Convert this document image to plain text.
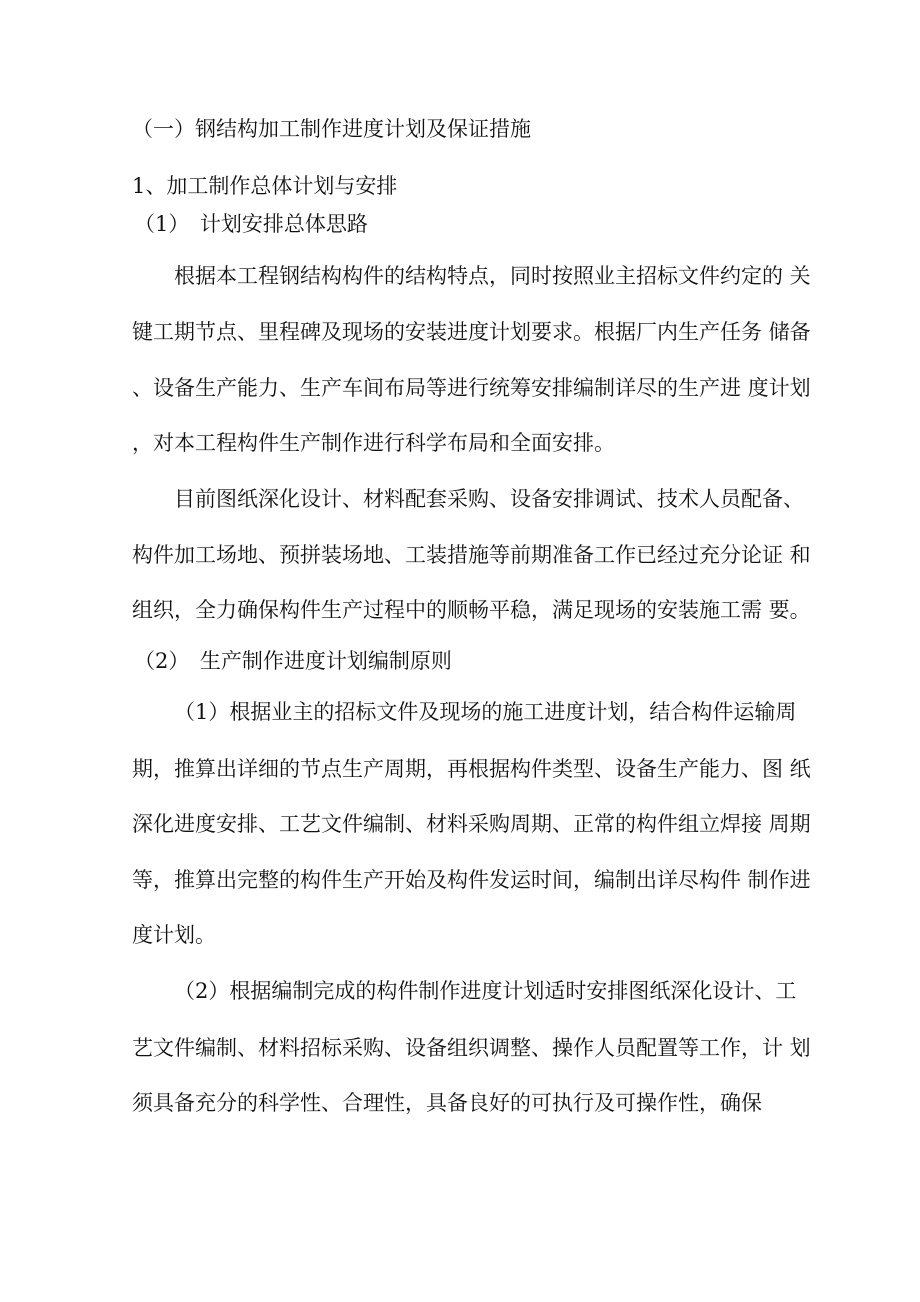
（一）钢结构加工制作进度计划及保证措施
1、加工制作总体计划与安排
（1）　计划安排总体思路
根据本工程钢结构构件的结构特点，同时按照业主招标文件约定的 关
键工期节点、里程碑及现场的安装进度计划要求。根据厂内生产任务 储备
、设备生产能力、生产车间布局等进行统筹安排编制详尽的生产进 度计划
，对本工程构件生产制作进行科学布局和全面安排。
目前图纸深化设计、材料配套采购、设备安排调试、技术人员配备、
构件加工场地、预拼装场地、工装措施等前期准备工作已经过充分论证 和
组织，全力确保构件生产过程中的顺畅平稳，满足现场的安装施工需 要。
（2）　生产制作进度计划编制原则
（1）根据业主的招标文件及现场的施工进度计划，结合构件运输周
期，推算出详细的节点生产周期，再根据构件类型、设备生产能力、图 纸
深化进度安排、工艺文件编制、材料采购周期、正常的构件组立焊接 周期
等，推算出完整的构件生产开始及构件发运时间，编制出详尽构件 制作进
度计划。
（2）根据编制完成的构件制作进度计划适时安排图纸深化设计、工
艺文件编制、材料招标采购、设备组织调整、操作人员配置等工作，计 划
须具备充分的科学性、合理性，具备良好的可执行及可操作性，确保
